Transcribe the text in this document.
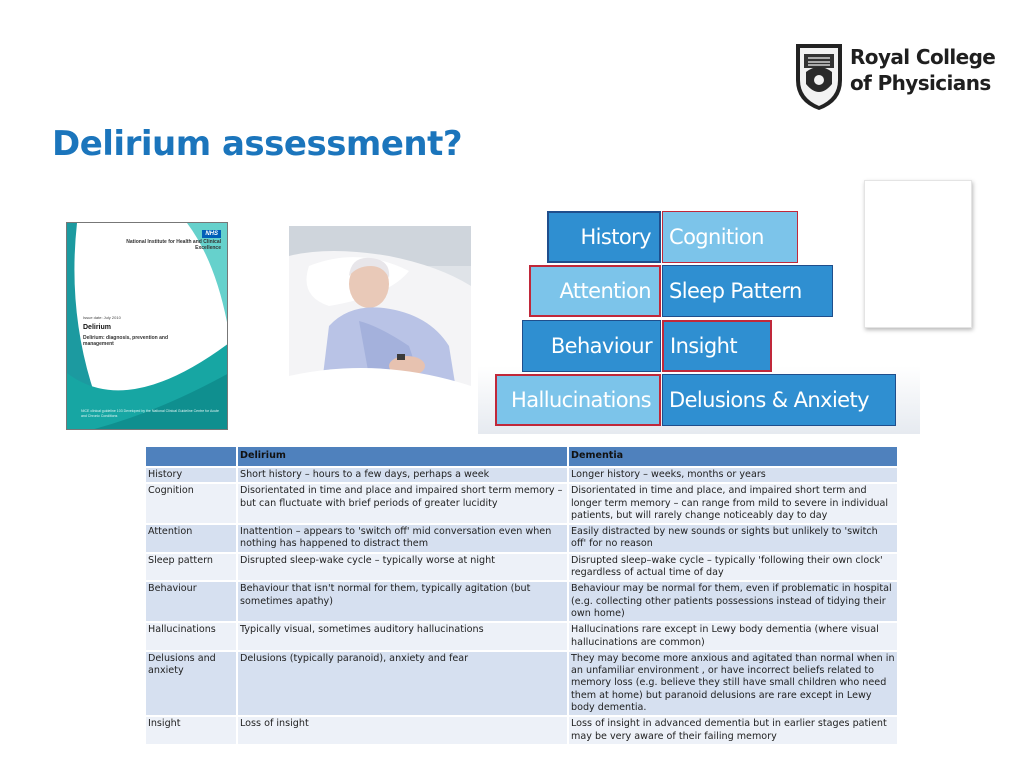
Royal College
of Physicians
Delirium assessment?
NHS
National Institute for Health and Clinical Excellence
Issue date: July 2010
Delirium
Delirium: diagnosis, prevention and management
NICE clinical guideline 103 Developed by the National Clinical Guideline Centre for Acute and Chronic Conditions
History Cognition
Attention Sleep Pattern
Behaviour Insight
Hallucinations Delusions & Anxiety
	Delirium	Dementia
History	Short history – hours to a few days, perhaps a week	Longer history – weeks, months or years
Cognition	Disorientated in time and place and impaired short term memory – but can fluctuate with brief periods of greater lucidity	Disorientated in time and place, and impaired short term and longer term memory – can range from mild to severe in individual patients, but will rarely change noticeably day to day
Attention	Inattention – appears to 'switch off' mid conversation even when nothing has happened to distract them	Easily distracted by new sounds or sights but unlikely to 'switch off' for no reason
Sleep pattern	Disrupted sleep-wake cycle – typically worse at night	Disrupted sleep–wake cycle – typically 'following their own clock' regardless of actual time of day
Behaviour	Behaviour that isn't normal for them, typically agitation (but sometimes apathy)	Behaviour may be normal for them, even if problematic in hospital (e.g. collecting other patients possessions instead of tidying their own home)
Hallucinations	Typically visual, sometimes auditory hallucinations	Hallucinations rare except in Lewy body dementia (where visual hallucinations are common)
Delusions and anxiety	Delusions (typically paranoid), anxiety and fear	They may become more anxious and agitated than normal when in an unfamiliar environment , or have incorrect beliefs related to memory loss (e.g. believe they still have small children who need them at home) but paranoid delusions are rare except in Lewy body dementia.
Insight	Loss of insight	Loss of insight in advanced dementia but in earlier stages patient may be very aware of their failing memory
